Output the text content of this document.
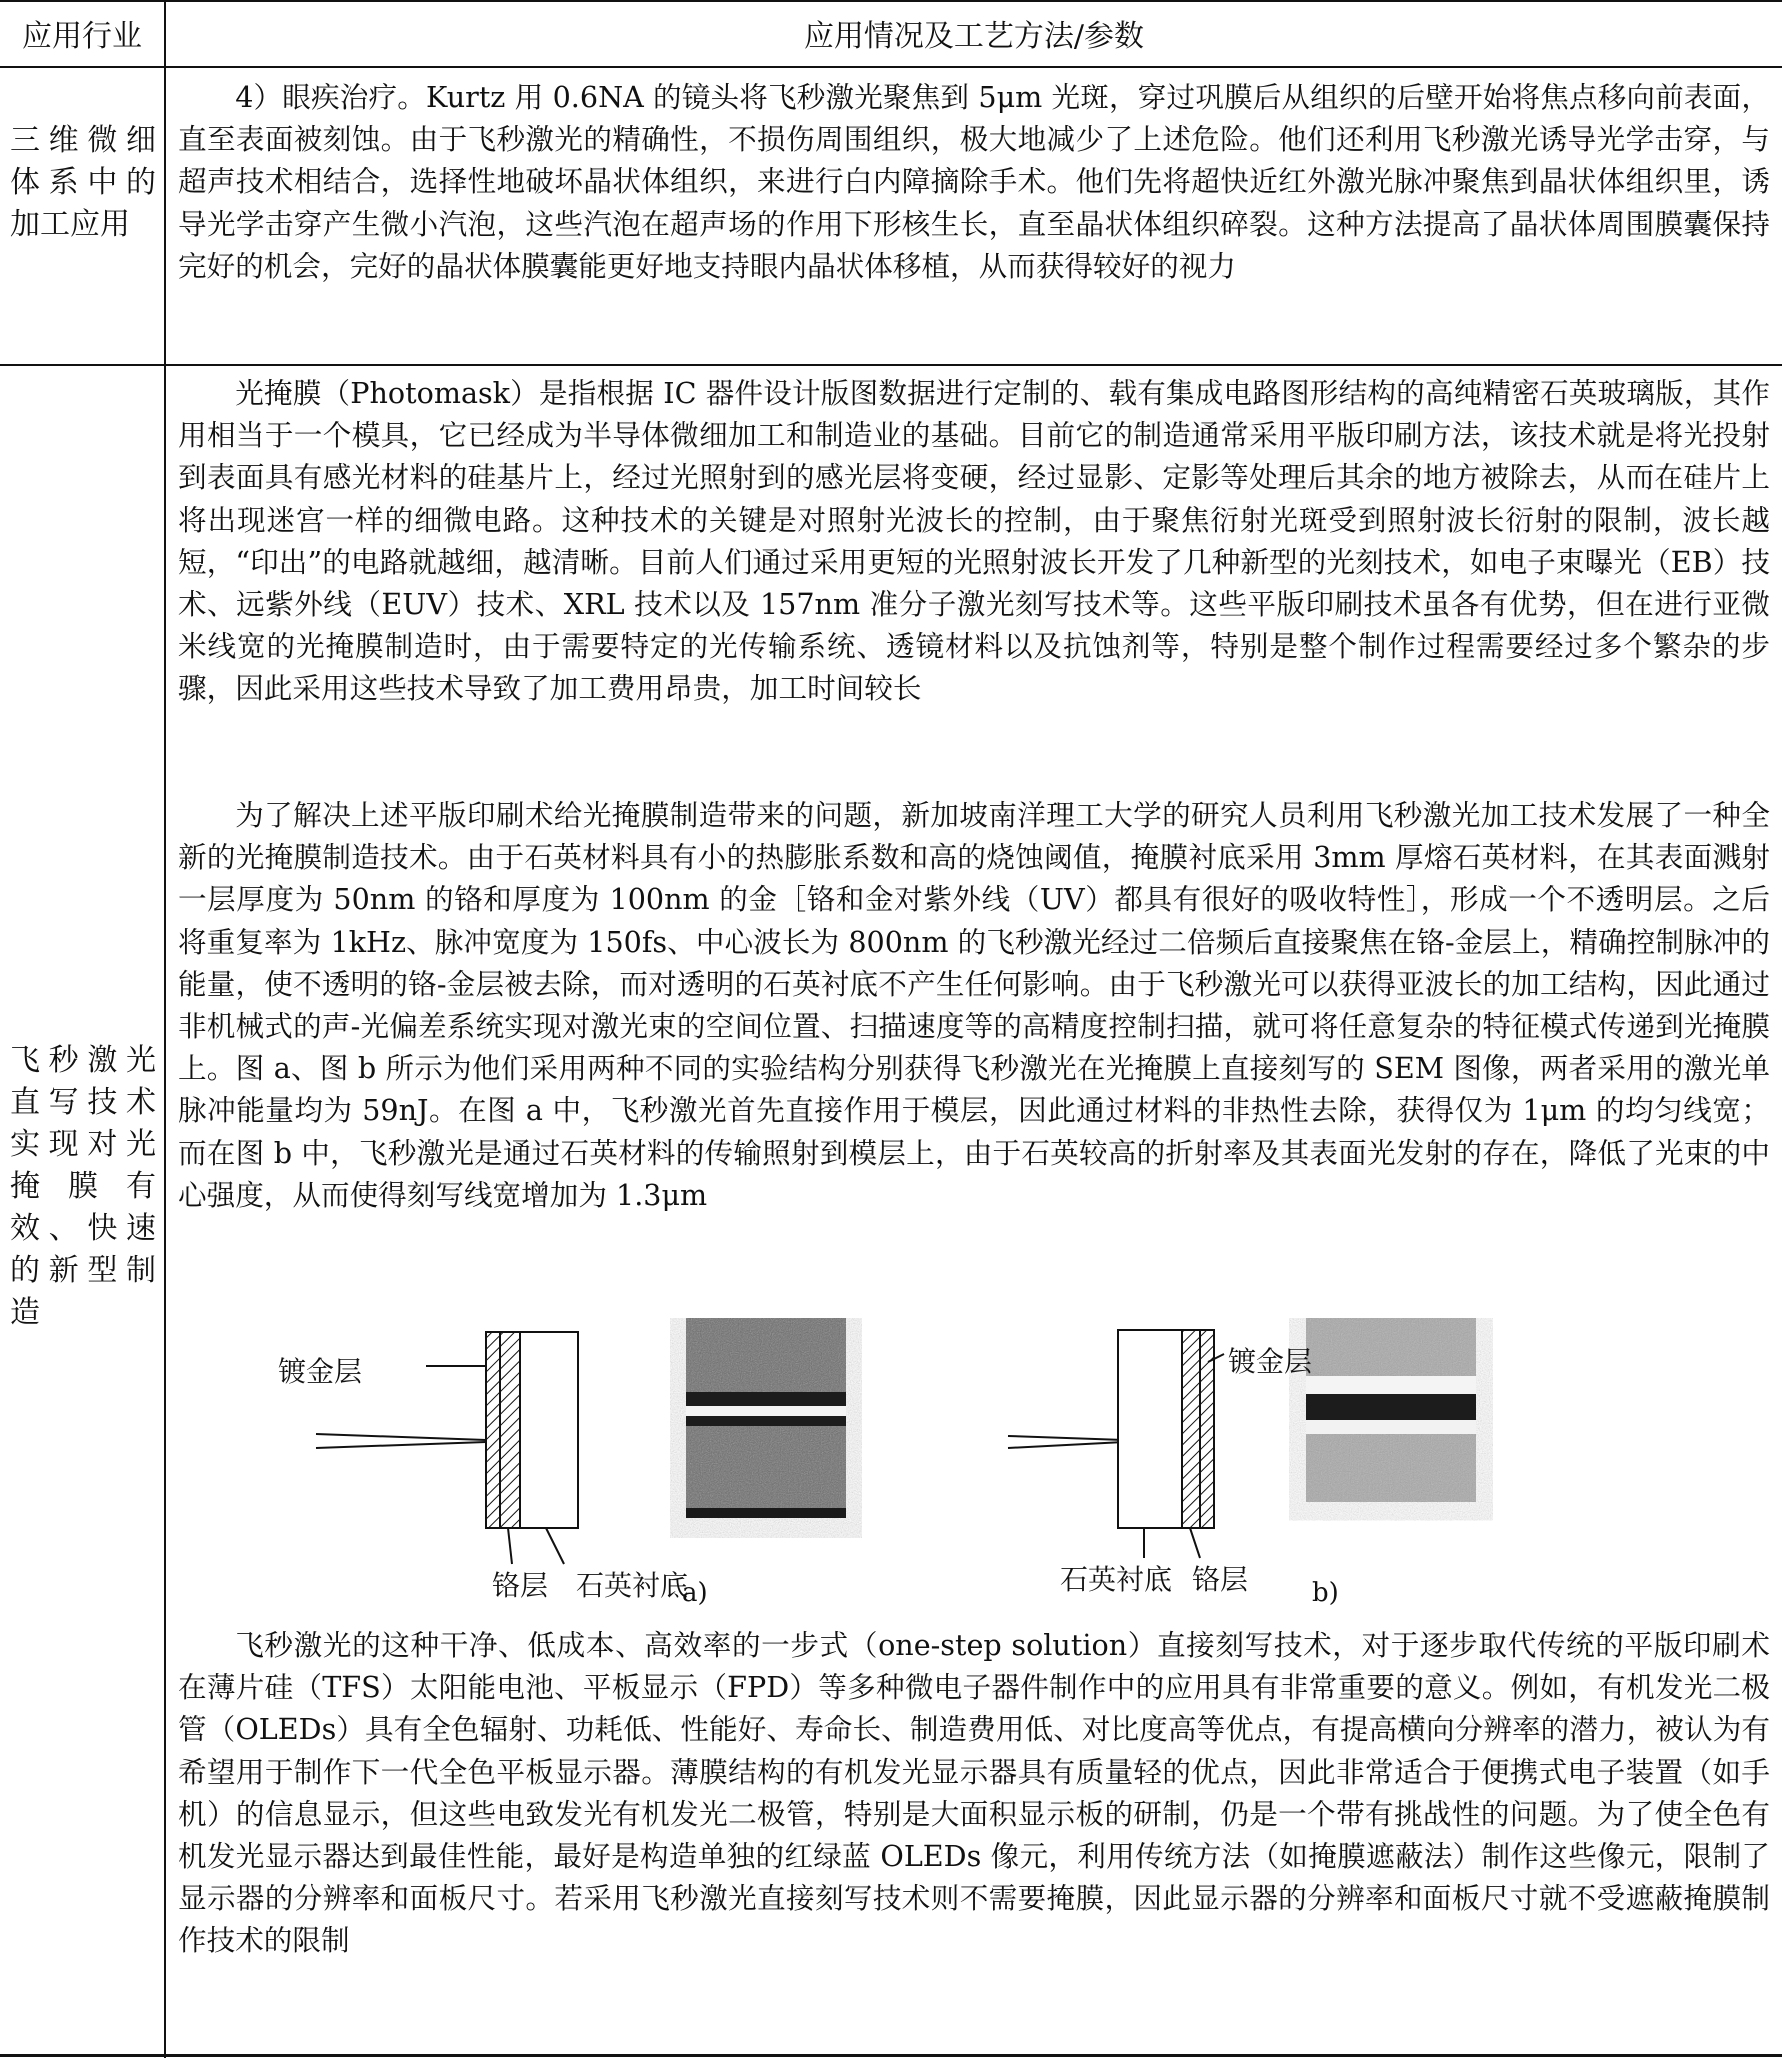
应用行业	应用情况及工艺方法/参数
三维微细体系中的加工应用

4）眼疾治疗。Kurtz 用 0.6NA 的镜头将飞秒激光聚焦到 5μm 光斑，穿过巩膜后从组织的后壁开始将焦点移向前表面，直至表面被刻蚀。由于飞秒激光的精确性，不损伤周围组织，极大地减少了上述危险。他们还利用飞秒激光诱导光学击穿，与超声技术相结合，选择性地破坏晶状体组织，来进行白内障摘除手术。他们先将超快近红外激光脉冲聚焦到晶状体组织里，诱导光学击穿产生微小汽泡，这些汽泡在超声场的作用下形核生长，直至晶状体组织碎裂。这种方法提高了晶状体周围膜囊保持完好的机会，完好的晶状体膜囊能更好地支持眼内晶状体移植，从而获得较好的视力

飞秒激光直写技术实现对光掩膜有效、快速的新型制造

光掩膜（Photomask）是指根据 IC 器件设计版图数据进行定制的、载有集成电路图形结构的高纯精密石英玻璃版，其作用相当于一个模具，它已经成为半导体微细加工和制造业的基础。目前它的制造通常采用平版印刷方法，该技术就是将光投射到表面具有感光材料的硅基片上，经过光照射到的感光层将变硬，经过显影、定影等处理后其余的地方被除去，从而在硅片上将出现迷宫一样的细微电路。这种技术的关键是对照射光波长的控制，由于聚焦衍射光斑受到照射波长衍射的限制，波长越短，“印出”的电路就越细，越清晰。目前人们通过采用更短的光照射波长开发了几种新型的光刻技术，如电子束曝光（EB）技术、远紫外线（EUV）技术、XRL 技术以及 157nm 准分子激光刻写技术等。这些平版印刷技术虽各有优势，但在进行亚微米线宽的光掩膜制造时，由于需要特定的光传输系统、透镜材料以及抗蚀剂等，特别是整个制作过程需要经过多个繁杂的步骤，因此采用这些技术导致了加工费用昂贵，加工时间较长

为了解决上述平版印刷术给光掩膜制造带来的问题，新加坡南洋理工大学的研究人员利用飞秒激光加工技术发展了一种全新的光掩膜制造技术。由于石英材料具有小的热膨胀系数和高的烧蚀阈值，掩膜衬底采用 3mm 厚熔石英材料，在其表面溅射一层厚度为 50nm 的铬和厚度为 100nm 的金［铬和金对紫外线（UV）都具有很好的吸收特性］，形成一个不透明层。之后将重复率为 1kHz、脉冲宽度为 150fs、中心波长为 800nm 的飞秒激光经过二倍频后直接聚焦在铬-金层上，精确控制脉冲的能量，使不透明的铬-金层被去除，而对透明的石英衬底不产生任何影响。由于飞秒激光可以获得亚波长的加工结构，因此通过非机械式的声-光偏差系统实现对激光束的空间位置、扫描速度等的高精度控制扫描，就可将任意复杂的特征模式传递到光掩膜上。图 a、图 b 所示为他们采用两种不同的实验结构分别获得飞秒激光在光掩膜上直接刻写的 SEM 图像，两者采用的激光单脉冲能量均为 59nJ。在图 a 中，飞秒激光首先直接作用于模层，因此通过材料的非热性去除，获得仅为 1μm 的均匀线宽；而在图 b 中，飞秒激光是通过石英材料的传输照射到模层上，由于石英较高的折射率及其表面光发射的存在，降低了光束的中心强度，从而使得刻写线宽增加为 1.3μm

镀金层
铬层 石英衬底
a)
镀金层
石英衬底 铬层 b)

飞秒激光的这种干净、低成本、高效率的一步式（one-step solution）直接刻写技术，对于逐步取代传统的平版印刷术在薄片硅（TFS）太阳能电池、平板显示（FPD）等多种微电子器件制作中的应用具有非常重要的意义。例如，有机发光二极管（OLEDs）具有全色辐射、功耗低、性能好、寿命长、制造费用低、对比度高等优点，有提高横向分辨率的潜力，被认为有希望用于制作下一代全色平板显示器。薄膜结构的有机发光显示器具有质量轻的优点，因此非常适合于便携式电子装置（如手机）的信息显示，但这些电致发光有机发光二极管，特别是大面积显示板的研制，仍是一个带有挑战性的问题。为了使全色有机发光显示器达到最佳性能，最好是构造单独的红绿蓝 OLEDs 像元，利用传统方法（如掩膜遮蔽法）制作这些像元，限制了显示器的分辨率和面板尺寸。若采用飞秒激光直接刻写技术则不需要掩膜，因此显示器的分辨率和面板尺寸就不受遮蔽掩膜制作技术的限制
